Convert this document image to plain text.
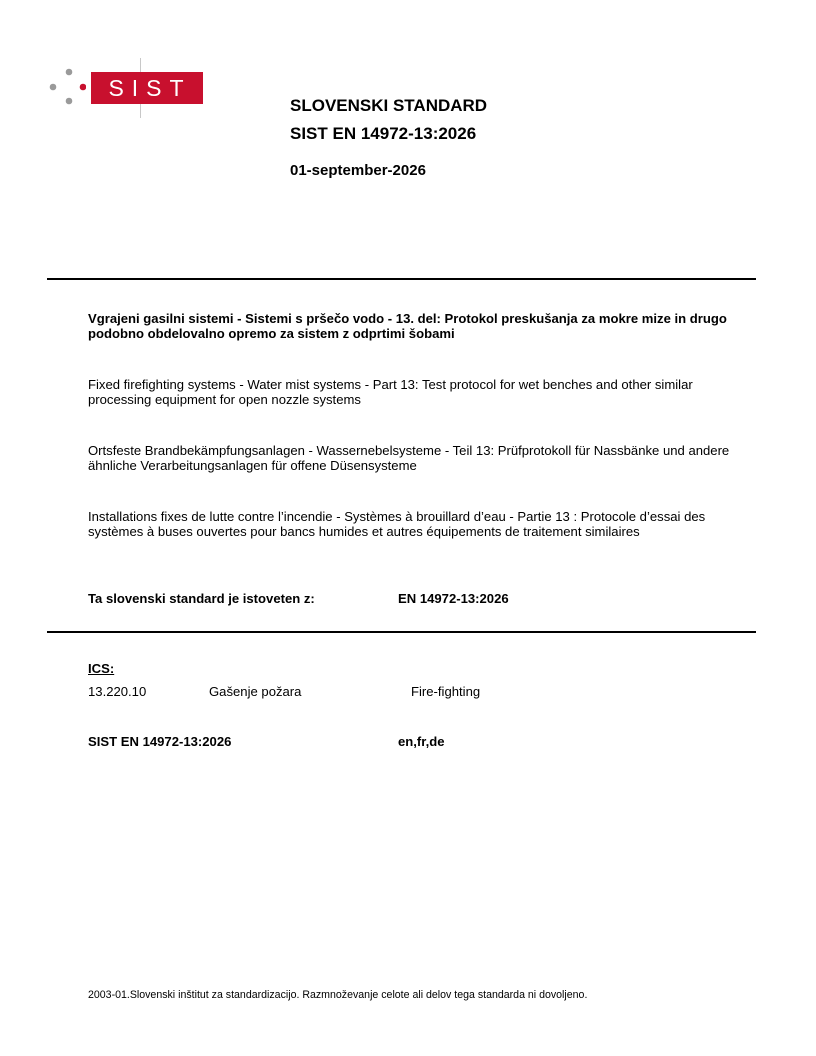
SIST
SLOVENSKI STANDARD
SIST EN 14972-13:2026
01-september-2026
Vgrajeni gasilni sistemi - Sistemi s pršečo vodo - 13. del: Protokol preskušanja za mokre mize in drugo podobno obdelovalno opremo za sistem z odprtimi šobami
Fixed firefighting systems - Water mist systems - Part 13: Test protocol for wet benches and other similar processing equipment for open nozzle systems
Ortsfeste Brandbekämpfungsanlagen - Wassernebelsysteme - Teil 13: Prüfprotokoll für Nassbänke und andere ähnliche Verarbeitungsanlagen für offene Düsensysteme
Installations fixes de lutte contre l’incendie - Systèmes à brouillard d’eau - Partie 13 : Protocole d’essai des systèmes à buses ouvertes pour bancs humides et autres équipements de traitement similaires
Ta slovenski standard je istoveten z:	EN 14972-13:2026
ICS:
13.220.10	Gašenje požara	Fire-fighting
SIST EN 14972-13:2026	en,fr,de
2003-01.Slovenski inštitut za standardizacijo. Razmnoževanje celote ali delov tega standarda ni dovoljeno.
